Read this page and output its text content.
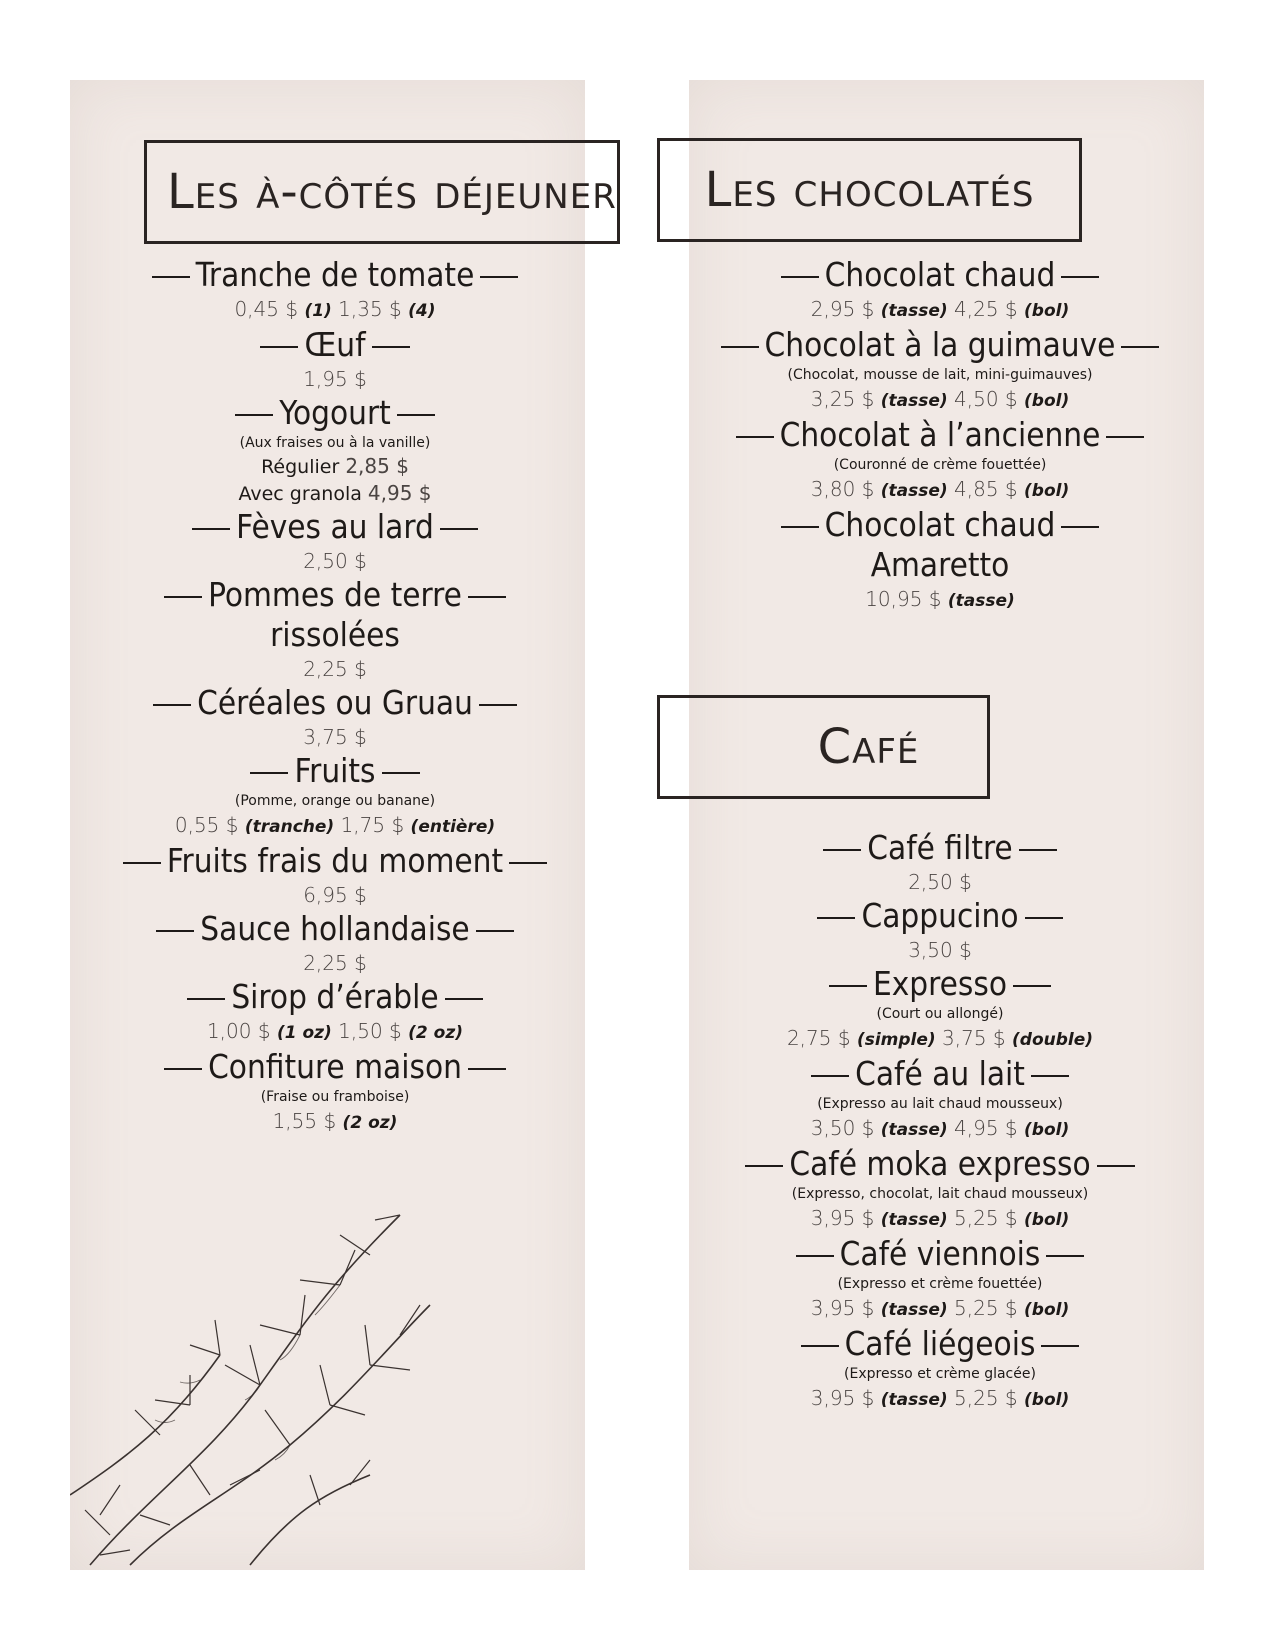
Les à-côtés déjeuner Les chocolatés
Café
Tranche de tomate
0,45 $ (1) 1,35 $ (4)
Œuf
1,95 $
Yogourt
(Aux fraises ou à la vanille)
Régulier 2,85 $
Avec granola 4,95 $
Fèves au lard
2,50 $
Pommes de terre
rissolées
2,25 $
Céréales ou Gruau
3,75 $
Fruits
(Pomme, orange ou banane)
0,55 $ (tranche) 1,75 $ (entière)
Fruits frais du moment
6,95 $
Sauce hollandaise
2,25 $
Sirop d’érable
1,00 $ (1 oz) 1,50 $ (2 oz)
Confiture maison
(Fraise ou framboise)
1,55 $ (2 oz)
Chocolat chaud
2,95 $ (tasse) 4,25 $ (bol)
Chocolat à la guimauve
(Chocolat, mousse de lait, mini-guimauves)
3,25 $ (tasse) 4,50 $ (bol)
Chocolat à l’ancienne
(Couronné de crème fouettée)
3,80 $ (tasse) 4,85 $ (bol)
Chocolat chaud
Amaretto
10,95 $ (tasse)
Café filtre
2,50 $
Cappucino
3,50 $
Expresso
(Court ou allongé)
2,75 $ (simple) 3,75 $ (double)
Café au lait
(Expresso au lait chaud mousseux)
3,50 $ (tasse) 4,95 $ (bol)
Café moka expresso
(Expresso, chocolat, lait chaud mousseux)
3,95 $ (tasse) 5,25 $ (bol)
Café viennois
(Expresso et crème fouettée)
3,95 $ (tasse) 5,25 $ (bol)
Café liégeois
(Expresso et crème glacée)
3,95 $ (tasse) 5,25 $ (bol)
